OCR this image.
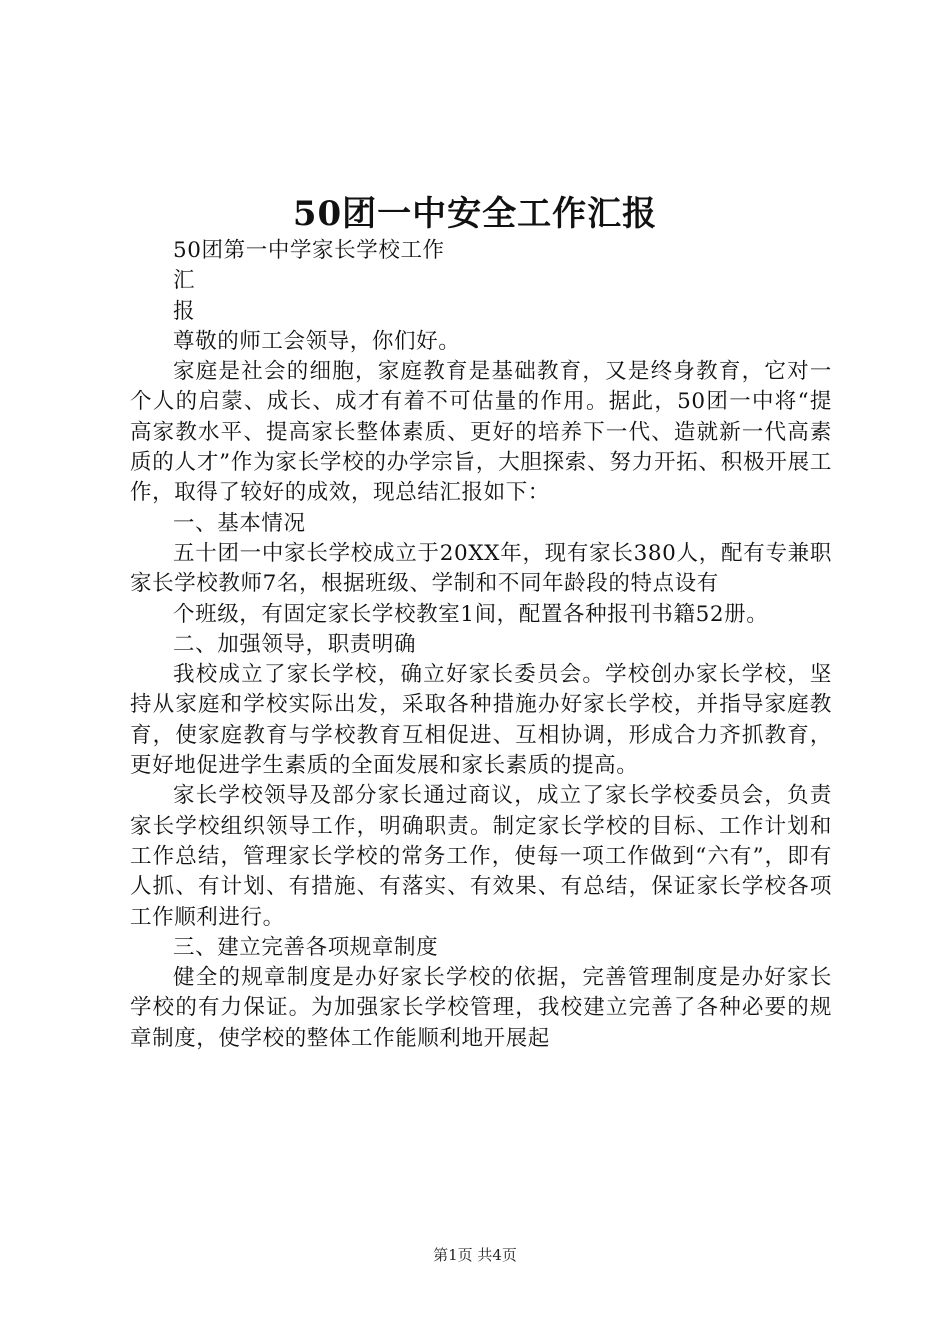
50团一中安全工作汇报

50团第一中学家长学校工作

汇

报

尊敬的师工会领导，你们好。

家庭是社会的细胞，家庭教育是基础教育，又是终身教育，它对一个人的启蒙、成长、成才有着不可估量的作用。据此，50团一中将“提高家教水平、提高家长整体素质、更好的培养下一代、造就新一代高素质的人才”作为家长学校的办学宗旨，大胆探索、努力开拓、积极开展工作，取得了较好的成效，现总结汇报如下：

一、基本情况

五十团一中家长学校成立于20XX年，现有家长380人，配有专兼职家长学校教师7名，根据班级、学制和不同年龄段的特点设有

个班级，有固定家长学校教室1间，配置各种报刊书籍52册。

二、加强领导，职责明确

我校成立了家长学校，确立好家长委员会。学校创办家长学校，坚持从家庭和学校实际出发，采取各种措施办好家长学校，并指导家庭教育，使家庭教育与学校教育互相促进、互相协调，形成合力齐抓教育，更好地促进学生素质的全面发展和家长素质的提高。

家长学校领导及部分家长通过商议，成立了家长学校委员会，负责家长学校组织领导工作，明确职责。制定家长学校的目标、工作计划和工作总结，管理家长学校的常务工作，使每一项工作做到“六有”，即有人抓、有计划、有措施、有落实、有效果、有总结，保证家长学校各项工作顺利进行。

三、建立完善各项规章制度

健全的规章制度是办好家长学校的依据，完善管理制度是办好家长学校的有力保证。为加强家长学校管理，我校建立完善了各种必要的规章制度，使学校的整体工作能顺利地开展起

第1页 共4页
